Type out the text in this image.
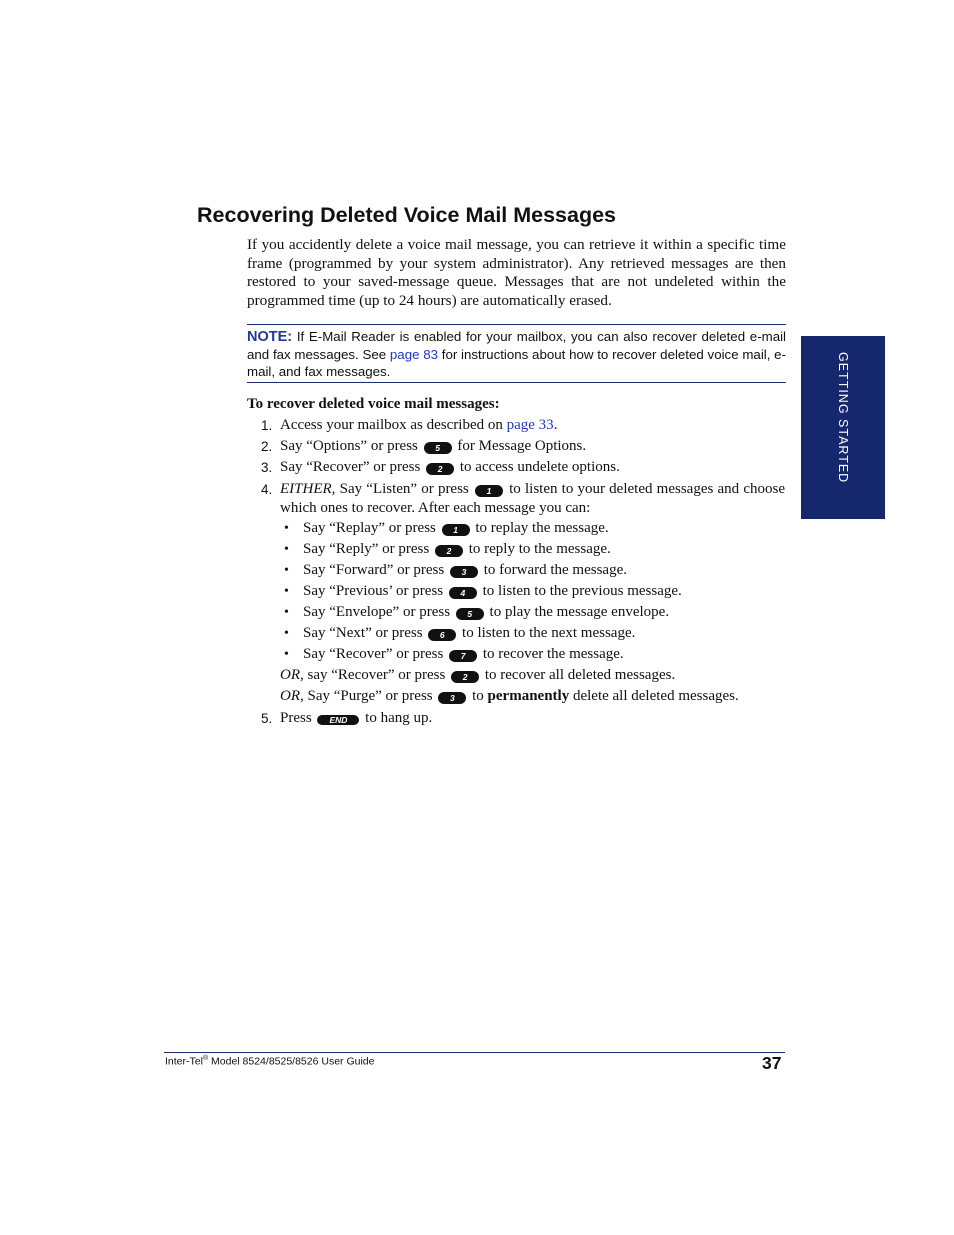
Recovering Deleted Voice Mail Messages

If you accidently delete a voice mail message, you can retrieve it within a specific time frame (programmed by your system administrator). Any retrieved messages are then restored to your saved-message queue. Messages that are not undeleted within the programmed time (up to 24 hours) are automatically erased.

NOTE: If E-Mail Reader is enabled for your mailbox, you can also recover deleted e-mail and fax messages. See page 83 for instructions about how to recover deleted voice mail, e-mail, and fax messages.

To recover deleted voice mail messages:

1. Access your mailbox as described on page 33.
2. Say “Options” or press 5 for Message Options.
3. Say “Recover” or press 2 to access undelete options.
4. EITHER, Say “Listen” or press 1 to listen to your deleted messages and choose which ones to recover. After each message you can:

• Say “Replay” or press 1 to replay the message.
• Say “Reply” or press 2 to reply to the message.
• Say “Forward” or press 3 to forward the message.
• Say “Previous’ or press 4 to listen to the previous message.
• Say “Envelope” or press 5 to play the message envelope.
• Say “Next” or press 6 to listen to the next message.
• Say “Recover” or press 7 to recover the message.
OR, say “Recover” or press 2 to recover all deleted messages.
OR, Say “Purge” or press 3 to permanently delete all deleted messages.
5. Press END to hang up.
GETTING STARTED
Inter-Tel® Model 8524/8525/8526 User Guide	37
